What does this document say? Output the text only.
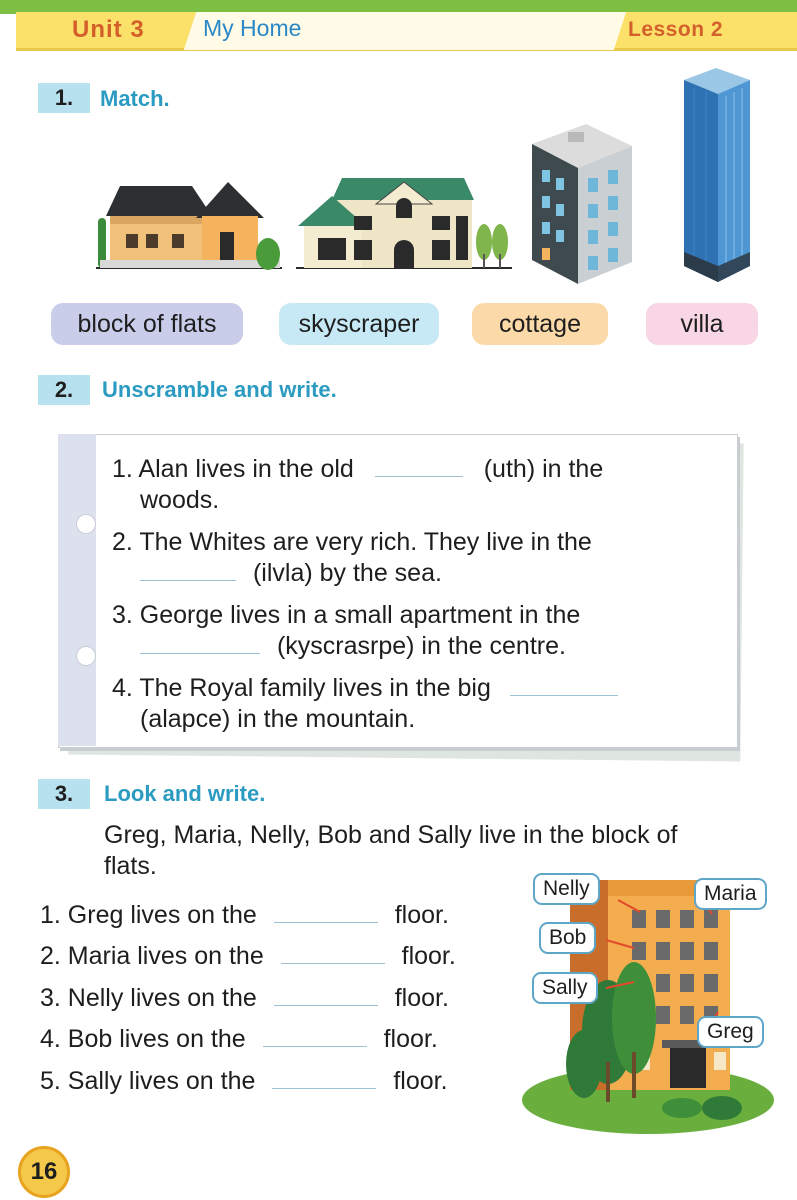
Unit 3	My Home	Lesson 2
1.	Match.
block of flats	skyscraper	cottage	villa
2.	Unscramble and write.
1. Alan lives in the old	(uth) in the
woods.
2. The Whites are very rich. They live in the
(ilvla) by the sea.
3. George lives in a small apartment in the
(kyscrasrpe) in the centre.
4. The Royal family lives in the big
(alapce) in the mountain.
3.	Look and write.
Greg, Maria, Nelly, Bob and Sally live in the block of
flats.
1. Greg lives on the	floor.
2. Maria lives on the	floor.
3. Nelly lives on the	floor.
4. Bob lives on the	floor.
5. Sally lives on the	floor.
Nelly	Maria
Bob
Sally
Greg
16
